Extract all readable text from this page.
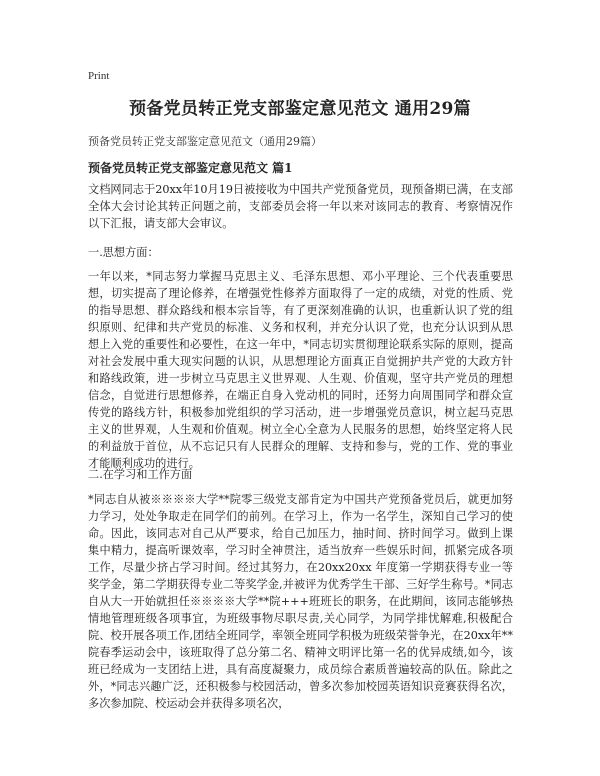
Print
预备党员转正党支部鉴定意见范文 通用29篇
预备党员转正党支部鉴定意见范文（通用29篇）
预备党员转正党支部鉴定意见范文 篇1

文档网同志于20xx年10月19日被接收为中国共产党预备党员，现预备期已满，在支部全体大会讨论其转正问题之前，支部委员会将一年以来对该同志的教育、考察情况作以下汇报，请支部大会审议。

一.思想方面：

一年以来，*同志努力掌握马克思主义、毛泽东思想、邓小平理论、三个代表重要思想，切实提高了理论修养，在增强党性修养方面取得了一定的成绩，对党的性质、党的指导思想、群众路线和根本宗旨等，有了更深刻准确的认识，也重新认识了党的组织原则、纪律和共产党员的标准、义务和权利，并充分认识了党，也充分认识到从思想上入党的重要性和必要性，在这一年中，*同志切实贯彻理论联系实际的原则，提高对社会发展中重大现实问题的认识，从思想理论方面真正自觉拥护共产党的大政方针和路线政策，进一步树立马克思主义世界观、人生观、价值观，坚守共产党员的理想信念，自觉进行思想修养，在端正自身入党动机的同时，还努力向周围同学和群众宣传党的路线方针，积极参加党组织的学习活动，进一步增强党员意识，树立起马克思主义的世界观，人生观和价值观。树立全心全意为人民服务的思想，始终坚定将人民的利益放于首位，从不忘记只有人民群众的理解、支持和参与，党的工作、党的事业才能顺利成功的进行。

二.在学习和工作方面

*同志自从被※※※※大学**院零三级党支部肯定为中国共产党预备党员后，就更加努力学习，处处争取走在同学们的前列。在学习上，作为一名学生，深知自己学习的使命。因此，该同志对自己从严要求，给自己加压力，抽时间、挤时间学习。做到上课集中精力，提高听课效率，学习时全神贯注，适当放弃一些娱乐时间，抓紧完成各项工作，尽量少挤占学习时间。经过其努力，在20xx20xx 年度第一学期获得专业一等奖学金，第二学期获得专业二等奖学金,并被评为优秀学生干部、三好学生称号。*同志自从大一开始就担任※※※※大学**院+++班班长的职务，在此期间，该同志能够热情地管理班级各项事宜，为班级事物尽职尽责,关心同学，为同学排忧解难,积极配合院、校开展各项工作,团结全班同学，率领全班同学积极为班级荣誉争光，在20xx年**院春季运动会中，该班取得了总分第二名、精神文明评比第一名的优异成绩,如今，该班已经成为一支团结上进，具有高度凝聚力，成员综合素质普遍较高的队伍。除此之外，*同志兴趣广泛，还积极参与校园活动，曾多次参加校园英语知识竞赛获得名次，多次参加院、校运动会并获得多项名次，
